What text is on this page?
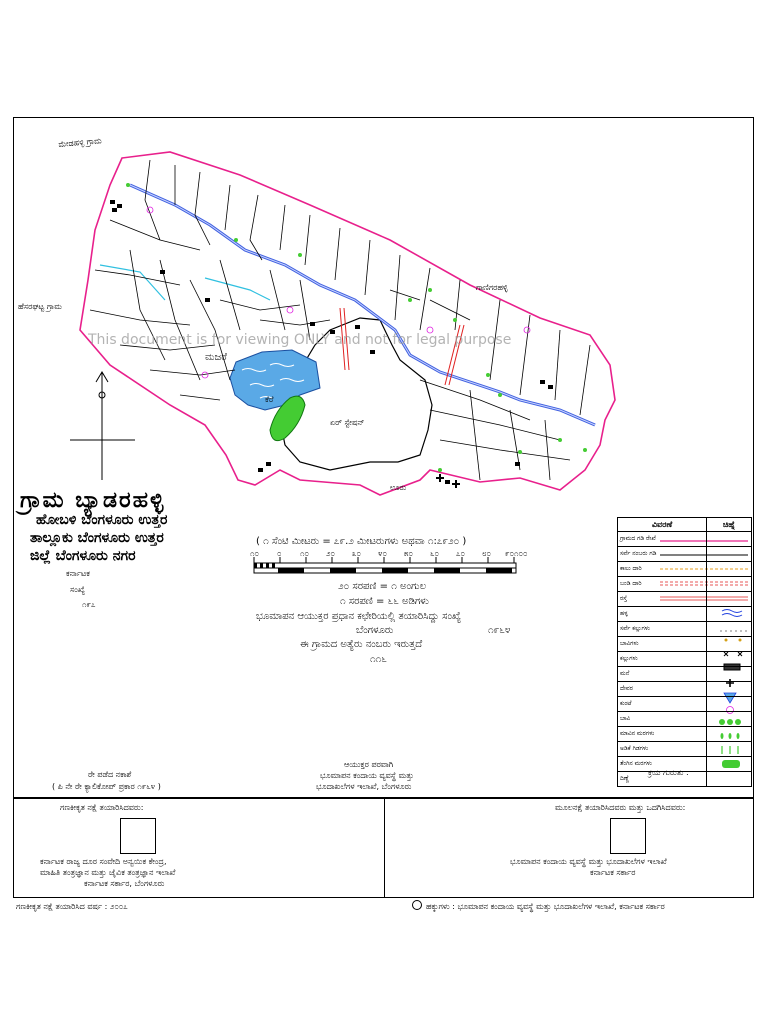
This document is for viewing ONLY and not for legal purpose
ಏರ್ ಸ್ಟೇಷನ್
ಮಜರೆ
ಊರು
ಕೆರೆ
ಮೇಡಹಳ್ಳಿ ಗ್ರಾಮ
ಹೆಸರಘಟ್ಟ ಗ್ರಾಮ
ಗಾಣಿಗರಹಳ್ಳಿ
ಗ್ರಾಮ ಬ್ಯಾಡರಹಳ್ಳಿ
ಹೋಬಳಿ ಬೆಂಗಳೂರು ಉತ್ತರ
ತಾಲ್ಲೂಕು ಬೆಂಗಳೂರು ಉತ್ತರ
ಜಿಲ್ಲೆ ಬೆಂಗಳೂರು ನಗರ
ಕರ್ನಾಟಕ
ಸಂಖ್ಯೆ
೧೯೭
( ೧ ಸೆಂಟಿ ಮೀಟರು = ೭೯.೨ ಮೀಟರುಗಳು ಅಥವಾ ೧:೭೯೨೦ )
೧೦ ೦ ೧೦ ೨೦ ೩೦ ೪೦ ೫೦ ೬೦ ೭೦ ೮೦ ೯೦ ೧೦೦
೨೦ ಸರಪಣಿ = ೧ ಅಂಗುಲ
೧ ಸರಪಣಿ = ೬೬ ಅಡಿಗಳು
ಭೂಮಾಪನ ಆಯುಕ್ತರ ಪ್ರಧಾನ ಕಛೇರಿಯಲ್ಲಿ ತಯಾರಿಸಿದ್ದು ಸಂಖ್ಯೆ
ಬೆಂಗಳೂರು	೧೯೬೪
ಈ ಗ್ರಾಮದ ಅತ್ಯೆರು ನಂಬರು ಇರುತ್ತದೆ
೧೧೬
ವಿವರಣೆ	ಚಿಹ್ನೆ
ಗ್ರಾಮದ ಗಡಿ ರೇಖೆ	
ಸರ್ವೆ ನಂಬರು ಗಡಿ	
ಕಾಲು ದಾರಿ	
ಬಂಡಿ ದಾರಿ	
ರಸ್ತೆ	
ಹಳ್ಳ	
ಸರ್ವೆ ಕಲ್ಲುಗಳು	
ಬಾವಿಗಳು	
ಕಲ್ಲುಗಳು	
ಮನೆ	
ದೇವರ	
ಕುಂಟೆ	
ಬಾವಿ	
ಮಾವಿನ ಮರಗಳು	
ಅಡಿಕೆ ಗಿಡಗಳು	
ತೆಂಗಿನ ಮರಗಳು	
ದಿಣ್ಣೆ	
ರೇ ಪಡೆದ ನಕಾಶೆ
( ಪಿ ನೇ ರೇ ಕ್ಯಾಲಿಕೋಪ್ ಪ್ರಕಾರ ೧೯೬೪ )
ಆಯುಕ್ತರ ಪರವಾಗಿ
ಭೂಮಾಪನ ಕಂದಾಯ ವ್ಯವಸ್ಥೆ ಮತ್ತು
ಭೂದಾಖಲೆಗಳ ಇಲಾಖೆ, ಬೆಂಗಳೂರು
ಕ್ರಯ ಗುರುತು :
ಗಣಕೀಕೃತ ನಕ್ಷೆ ತಯಾರಿಸಿದವರು:
ಕರ್ನಾಟಕ ರಾಜ್ಯ ದೂರ ಸಂವೇದಿ ಅನ್ವಯಿಕ ಕೇಂದ್ರ,
ಮಾಹಿತಿ ತಂತ್ರಜ್ಞಾನ ಮತ್ತು ಜೈವಿಕ ತಂತ್ರಜ್ಞಾನ ಇಲಾಖೆ
ಕರ್ನಾಟಕ ಸರ್ಕಾರ, ಬೆಂಗಳೂರು
ಮೂಲನಕ್ಷೆ ತಯಾರಿಸಿದವರು ಮತ್ತು ಒದಗಿಸಿದವರು:
ಭೂಮಾಪನ ಕಂದಾಯ ವ್ಯವಸ್ಥೆ ಮತ್ತು ಭೂದಾಖಲೆಗಳ ಇಲಾಖೆ
ಕರ್ನಾಟಕ ಸರ್ಕಾರ
ಗಣಕೀಕೃತ ನಕ್ಷೆ ತಯಾರಿಸಿದ ವರ್ಷ : ೨೦೦೭	ಹಕ್ಕುಗಳು : ಭೂಮಾಪನ ಕಂದಾಯ ವ್ಯವಸ್ಥೆ ಮತ್ತು ಭೂದಾಖಲೆಗಳ ಇಲಾಖೆ, ಕರ್ನಾಟಕ ಸರ್ಕಾರ
